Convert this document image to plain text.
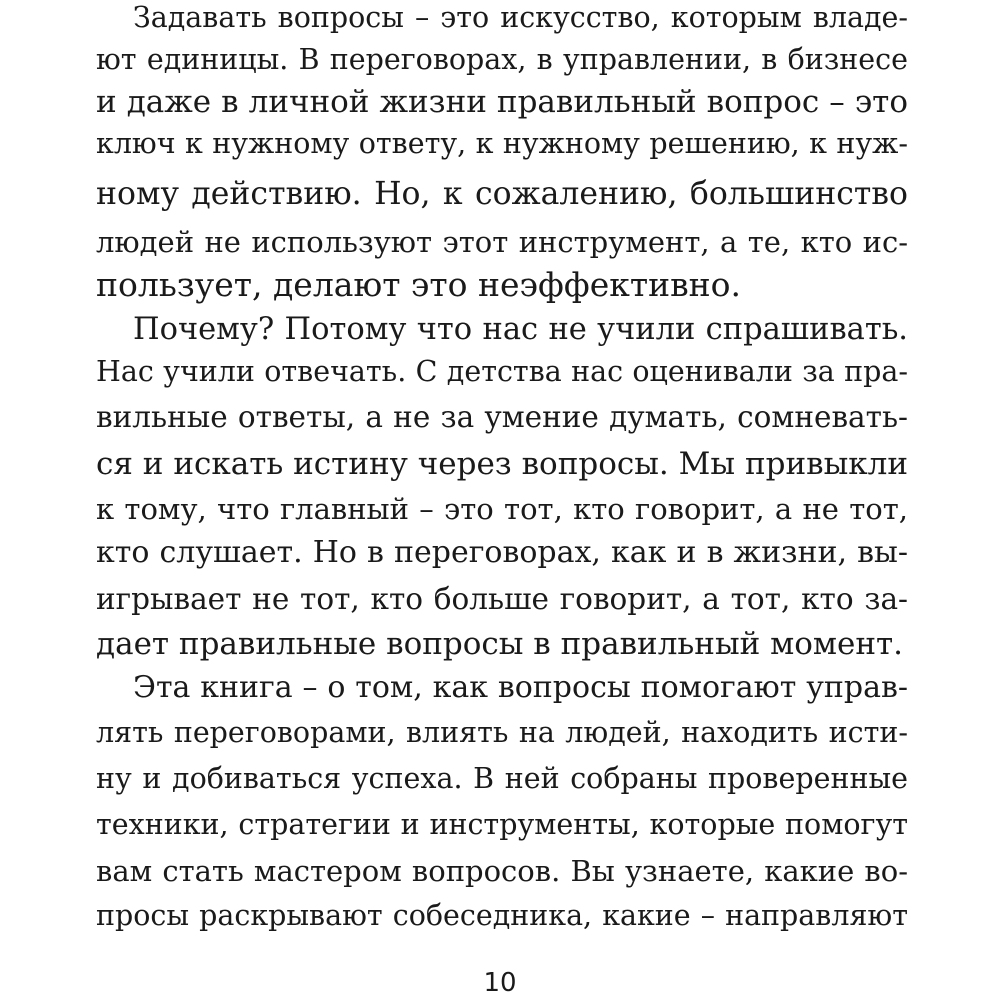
Задавать вопросы – это искусство, которым владе-
ют единицы. В переговорах, в управлении, в бизнесе
и даже в личной жизни правильный вопрос – это
ключ к нужному ответу, к нужному решению, к нуж-
ному действию. Но, к сожалению, большинство
людей не используют этот инструмент, а те, кто ис-
пользует, делают это неэффективно.
Почему? Потому что нас не учили спрашивать.
Нас учили отвечать. С детства нас оценивали за пра-
вильные ответы, а не за умение думать, сомневать-
ся и искать истину через вопросы. Мы привыкли
к тому, что главный – это тот, кто говорит, а не тот,
кто слушает. Но в переговорах, как и в жизни, вы-
игрывает не тот, кто больше говорит, а тот, кто за-
дает правильные вопросы в правильный момент.
Эта книга – о том, как вопросы помогают управ-
лять переговорами, влиять на людей, находить исти-
ну и добиваться успеха. В ней собраны проверенные
техники, стратегии и инструменты, которые помогут
вам стать мастером вопросов. Вы узнаете, какие во-
просы раскрывают собеседника, какие – направляют
10
